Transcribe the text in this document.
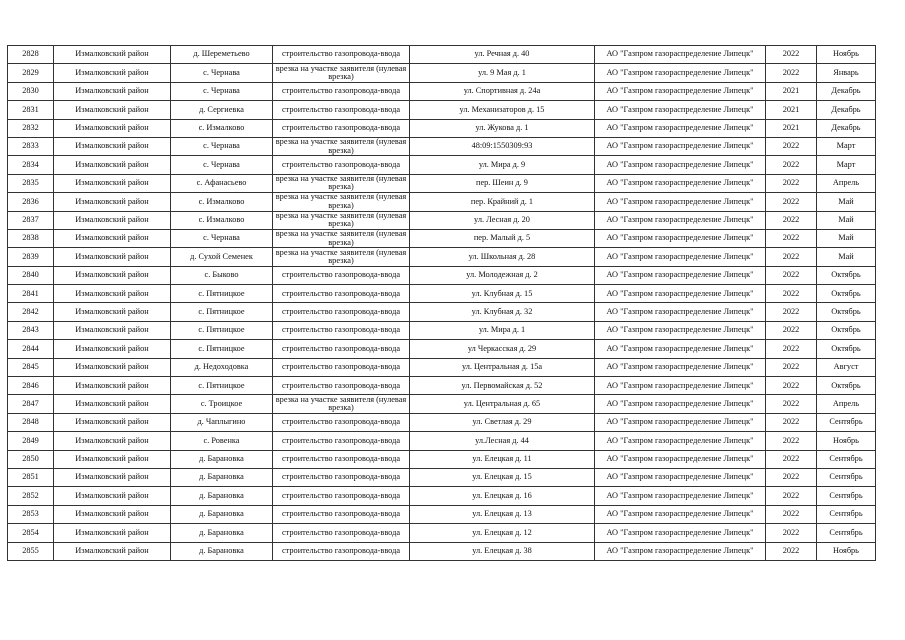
2828	Измалковский район	д. Шереметьево	строительство газопровода-ввода	ул. Речная д. 40	АО "Газпром газораспределение Липецк"	2022	Ноябрь
2829	Измалковский район	с. Чернава	врезка на участке заявителя (нулевая врезка)	ул. 9 Мая д. 1	АО "Газпром газораспределение Липецк"	2022	Январь
2830	Измалковский район	с. Чернава	строительство газопровода-ввода	ул. Спортивная д. 24а	АО "Газпром газораспределение Липецк"	2021	Декабрь
2831	Измалковский район	д. Сергиевка	строительство газопровода-ввода	ул. Механизаторов д. 15	АО "Газпром газораспределение Липецк"	2021	Декабрь
2832	Измалковский район	с. Измалково	строительство газопровода-ввода	ул. Жукова д. 1	АО "Газпром газораспределение Липецк"	2021	Декабрь
2833	Измалковский район	с. Чернава	врезка на участке заявителя (нулевая врезка)	48:09:1550309:93	АО "Газпром газораспределение Липецк"	2022	Март
2834	Измалковский район	с. Чернава	строительство газопровода-ввода	ул. Мира д. 9	АО "Газпром газораспределение Липецк"	2022	Март
2835	Измалковский район	с. Афанасьево	врезка на участке заявителя (нулевая врезка)	пер. Шеин д. 9	АО "Газпром газораспределение Липецк"	2022	Апрель
2836	Измалковский район	с. Измалково	врезка на участке заявителя (нулевая врезка)	пер. Крайний д. 1	АО "Газпром газораспределение Липецк"	2022	Май
2837	Измалковский район	с. Измалково	врезка на участке заявителя (нулевая врезка)	ул. Лесная д. 20	АО "Газпром газораспределение Липецк"	2022	Май
2838	Измалковский район	с. Чернава	врезка на участке заявителя (нулевая врезка)	пер. Малый д. 5	АО "Газпром газораспределение Липецк"	2022	Май
2839	Измалковский район	д. Сухой Семенек	врезка на участке заявителя (нулевая врезка)	ул. Школьная д. 28	АО "Газпром газораспределение Липецк"	2022	Май
2840	Измалковский район	с. Быково	строительство газопровода-ввода	ул. Молодежная д. 2	АО "Газпром газораспределение Липецк"	2022	Октябрь
2841	Измалковский район	с. Пятницкое	строительство газопровода-ввода	ул. Клубная д. 15	АО "Газпром газораспределение Липецк"	2022	Октябрь
2842	Измалковский район	с. Пятницкое	строительство газопровода-ввода	ул. Клубная д. 32	АО "Газпром газораспределение Липецк"	2022	Октябрь
2843	Измалковский район	с. Пятницкое	строительство газопровода-ввода	ул. Мира д. 1	АО "Газпром газораспределение Липецк"	2022	Октябрь
2844	Измалковский район	с. Пятницкое	строительство газопровода-ввода	ул Черкасская д. 29	АО "Газпром газораспределение Липецк"	2022	Октябрь
2845	Измалковский район	д. Недоходовка	строительство газопровода-ввода	ул. Центральная д. 15а	АО "Газпром газораспределение Липецк"	2022	Август
2846	Измалковский район	с. Пятницкое	строительство газопровода-ввода	ул. Первомайская д. 52	АО "Газпром газораспределение Липецк"	2022	Октябрь
2847	Измалковский район	с. Троицкое	врезка на участке заявителя (нулевая врезка)	ул. Центральная д. 65	АО "Газпром газораспределение Липецк"	2022	Апрель
2848	Измалковский район	д. Чаплыгино	строительство газопровода-ввода	ул. Светлая д. 29	АО "Газпром газораспределение Липецк"	2022	Сентябрь
2849	Измалковский район	с. Ровенка	строительство газопровода-ввода	ул.Лесная д. 44	АО "Газпром газораспределение Липецк"	2022	Ноябрь
2850	Измалковский район	д. Барановка	строительство газопровода-ввода	ул. Елецкая д. 11	АО "Газпром газораспределение Липецк"	2022	Сентябрь
2851	Измалковский район	д. Барановка	строительство газопровода-ввода	ул. Елецкая д. 15	АО "Газпром газораспределение Липецк"	2022	Сентябрь
2852	Измалковский район	д. Барановка	строительство газопровода-ввода	ул. Елецкая д. 16	АО "Газпром газораспределение Липецк"	2022	Сентябрь
2853	Измалковский район	д. Барановка	строительство газопровода-ввода	ул. Елецкая д. 13	АО "Газпром газораспределение Липецк"	2022	Сентябрь
2854	Измалковский район	д. Барановка	строительство газопровода-ввода	ул. Елецкая д. 12	АО "Газпром газораспределение Липецк"	2022	Сентябрь
2855	Измалковский район	д. Барановка	строительство газопровода-ввода	ул. Елецкая д. 38	АО "Газпром газораспределение Липецк"	2022	Ноябрь
